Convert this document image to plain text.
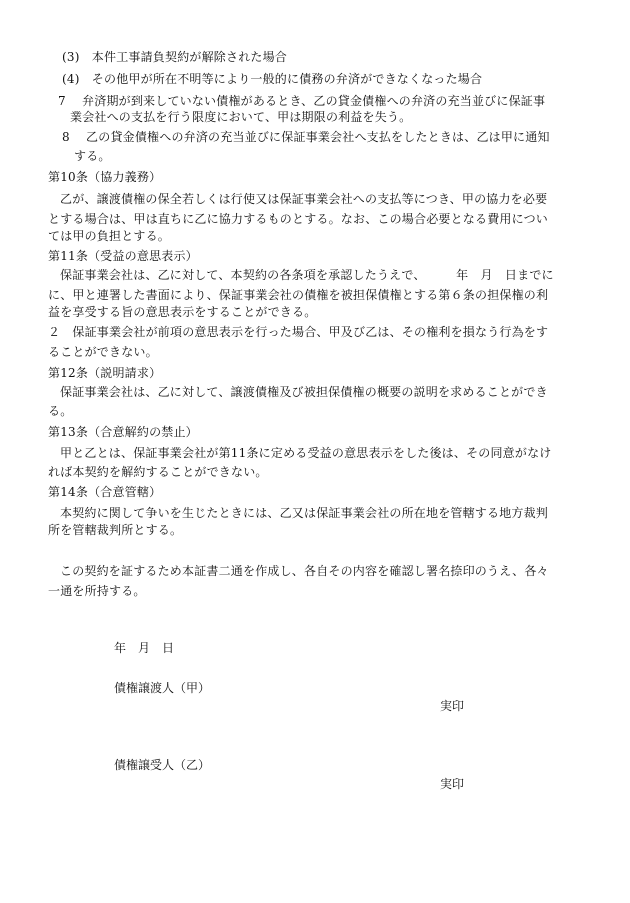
(3)　本件工事請負契約が解除された場合
(4)　その他甲が所在不明等により一般的に債務の弁済ができなくなった場合
7　 弁済期が到来していない債権があるとき、乙の貸金債権への弁済の充当並びに保証事
業会社への支払を行う限度において、甲は期限の利益を失う。
8　 乙の貸金債権への弁済の充当並びに保証事業会社へ支払をしたときは、乙は甲に通知
する。
第10条（協力義務）
乙が、譲渡債権の保全若しくは行使又は保証事業会社への支払等につき、甲の協力を必要
とする場合は、甲は直ちに乙に協力するものとする。なお、この場合必要となる費用につい
ては甲の負担とする。
第11条（受益の意思表示）
保証事業会社は、乙に対して、本契約の各条項を承認したうえで、　　　年　月　日までに
に、甲と連署した書面により、保証事業会社の債権を被担保債権とする第６条の担保権の利
益を享受する旨の意思表示をすることができる。
２　保証事業会社が前項の意思表示を行った場合、甲及び乙は、その権利を損なう行為をす
ることができない。
第12条（説明請求）
保証事業会社は、乙に対して、譲渡債権及び被担保債権の概要の説明を求めることができ
る。
第13条（合意解約の禁止）
甲と乙とは、保証事業会社が第11条に定める受益の意思表示をした後は、その同意がなけ
れば本契約を解約することができない。
第14条（合意管轄）
本契約に関して争いを生じたときには、乙又は保証事業会社の所在地を管轄する地方裁判
所を管轄裁判所とする。
この契約を証するため本証書二通を作成し、各自その内容を確認し署名捺印のうえ、各々
一通を所持する。
年　月　日
債権譲渡人（甲）
実印
債権譲受人（乙）
実印
